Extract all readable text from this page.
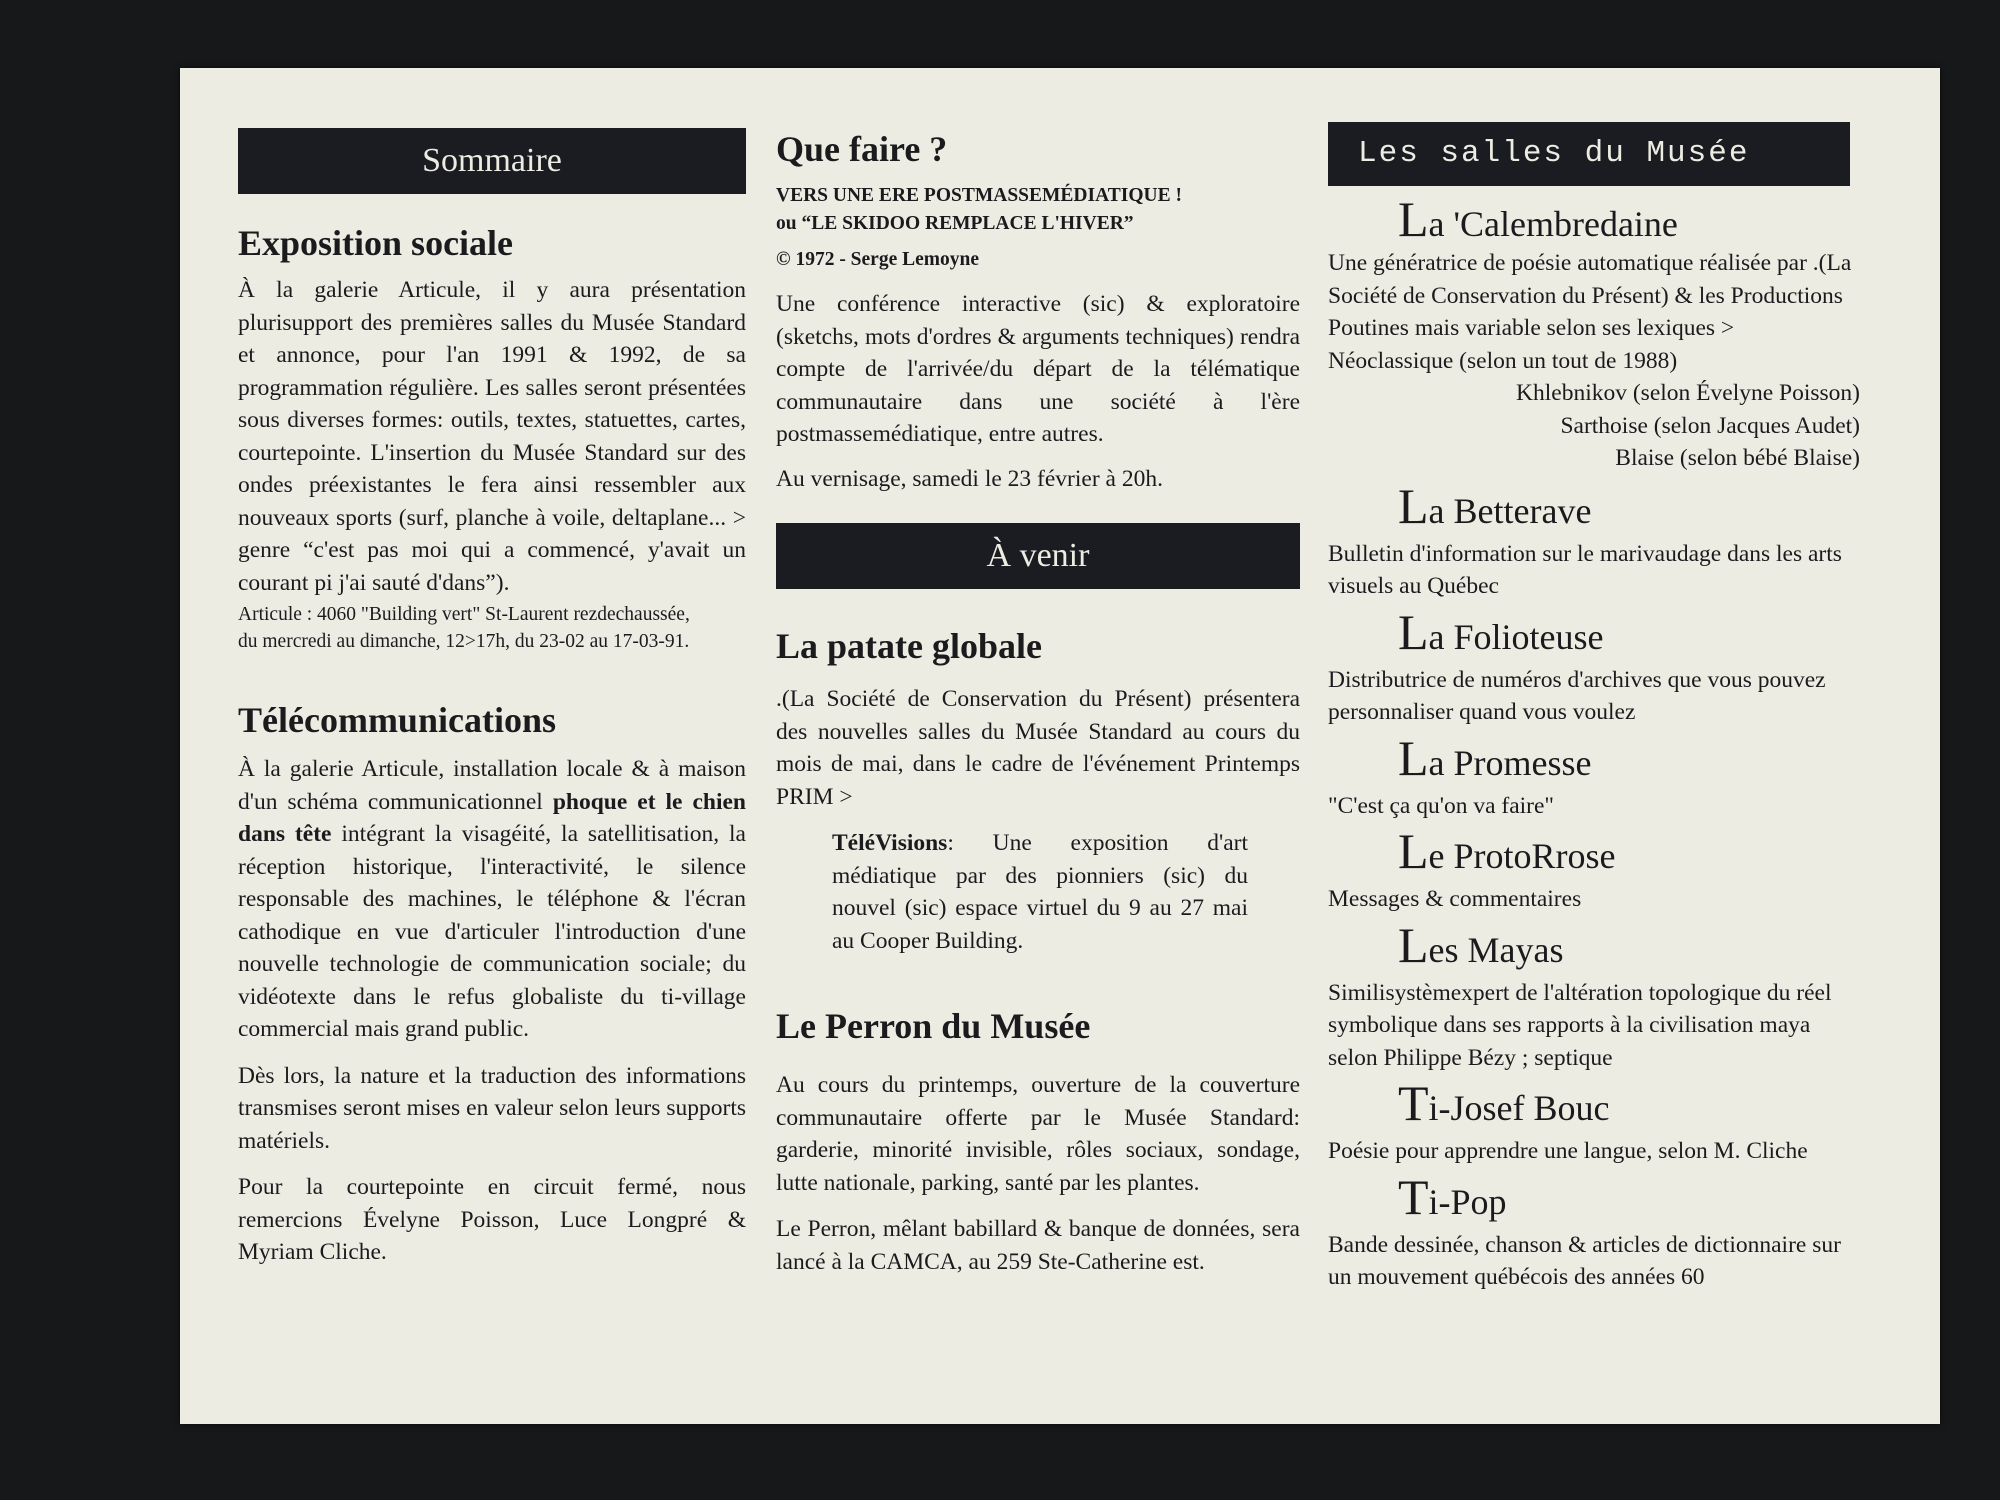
Sommaire
Exposition sociale

À la galerie Articule, il y aura présentation plurisupport des premières salles du Musée Standard et annonce, pour l'an 1991 & 1992, de sa programmation régulière. Les salles seront présentées sous diverses formes: outils, textes, statuettes, cartes, courtepointe. L'insertion du Musée Standard sur des ondes préexistantes le fera ainsi ressembler aux nouveaux sports (surf, planche à voile, deltaplane... > genre “c'est pas moi qui a commencé, y'avait un courant pi j'ai sauté d'dans”).

Articule : 4060 "Building vert" St-Laurent rezdechaussée,

du mercredi au dimanche, 12>17h, du 23-02 au 17-03-91.

Télécommunications

À la galerie Articule, installation locale & à maison d'un schéma communicationnel phoque et le chien dans tête intégrant la visagéité, la satellitisation, la réception historique, l'interactivité, le silence responsable des machines, le téléphone & l'écran cathodique en vue d'articuler l'introduction d'une nouvelle technologie de communication sociale; du vidéotexte dans le refus globaliste du ti-village commercial mais grand public.

Dès lors, la nature et la traduction des informations transmises seront mises en valeur selon leurs supports matériels.

Pour la courtepointe en circuit fermé, nous remercions Évelyne Poisson, Luce Longpré & Myriam Cliche.

Que faire ?

VERS UNE ERE POSTMASSEMÉDIATIQUE !

ou “LE SKIDOO REMPLACE L'HIVER”

© 1972 - Serge Lemoyne

Une conférence interactive (sic) & exploratoire (sketchs, mots d'ordres & arguments techniques) rendra compte de l'arrivée/du départ de la télématique communautaire dans une société à l'ère postmassemédiatique, entre autres.

Au vernisage, samedi le 23 février à 20h.

À venir
La patate globale

.(La Société de Conservation du Présent) présentera des nouvelles salles du Musée Standard au cours du mois de mai, dans le cadre de l'événement Printemps PRIM >

TéléVisions: Une exposition d'art médiatique par des pionniers (sic) du nouvel (sic) espace virtuel du 9 au 27 mai au Cooper Building.

Le Perron du Musée

Au cours du printemps, ouverture de la couverture communautaire offerte par le Musée Standard: garderie, minorité invisible, rôles sociaux, sondage, lutte nationale, parking, santé par les plantes.

Le Perron, mêlant babillard & banque de données, sera lancé à la CAMCA, au 259 Ste-Catherine est.

Les salles du Musée
La 'Calembredaine

Une génératrice de poésie automatique réalisée par .(La Société de Conservation du Présent) & les Productions Poutines mais variable selon ses lexiques > Néoclassique (selon un tout de 1988)

Khlebnikov (selon Évelyne Poisson)

Sarthoise (selon Jacques Audet)

Blaise (selon bébé Blaise)

La Betterave

Bulletin d'information sur le marivaudage dans les arts visuels au Québec

La Folioteuse

Distributrice de numéros d'archives que vous pouvez personnaliser quand vous voulez

La Promesse

"C'est ça qu'on va faire"

Le ProtoRrose

Messages & commentaires

Les Mayas

Similisystèmexpert de l'altération topologique du réel symbolique dans ses rapports à la civilisation maya selon Philippe Bézy ; septique

Ti-Josef Bouc

Poésie pour apprendre une langue, selon M. Cliche

Ti-Pop

Bande dessinée, chanson & articles de dictionnaire sur un mouvement québécois des années 60
